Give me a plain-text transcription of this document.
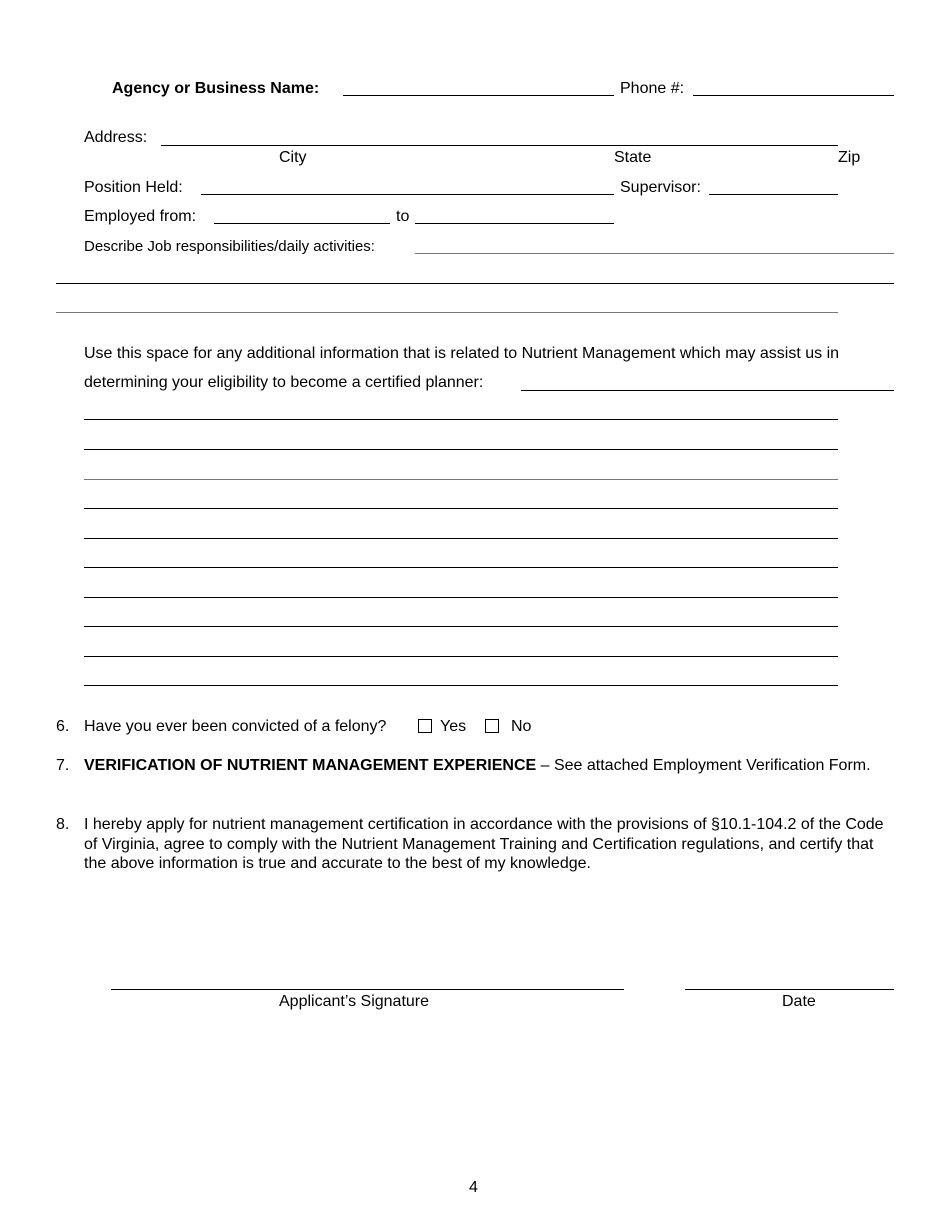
Agency or Business Name:	Phone #:
Address:
City	State	Zip
Position Held:	Supervisor:
Employed from:	to
Describe Job responsibilities/daily activities:
Use this space for any additional information that is related to Nutrient Management which may assist us in
determining your eligibility to become a certified planner:
6. Have you ever been convicted of a felony?	Yes	No
7. VERIFICATION OF NUTRIENT MANAGEMENT EXPERIENCE – See attached Employment Verification Form.
8. I hereby apply for nutrient management certification in accordance with the provisions of §10.1-104.2 of the Code of Virginia, agree to comply with the Nutrient Management Training and Certification regulations, and certify that the above information is true and accurate to the best of my knowledge.
Applicant’s Signature	Date
4
